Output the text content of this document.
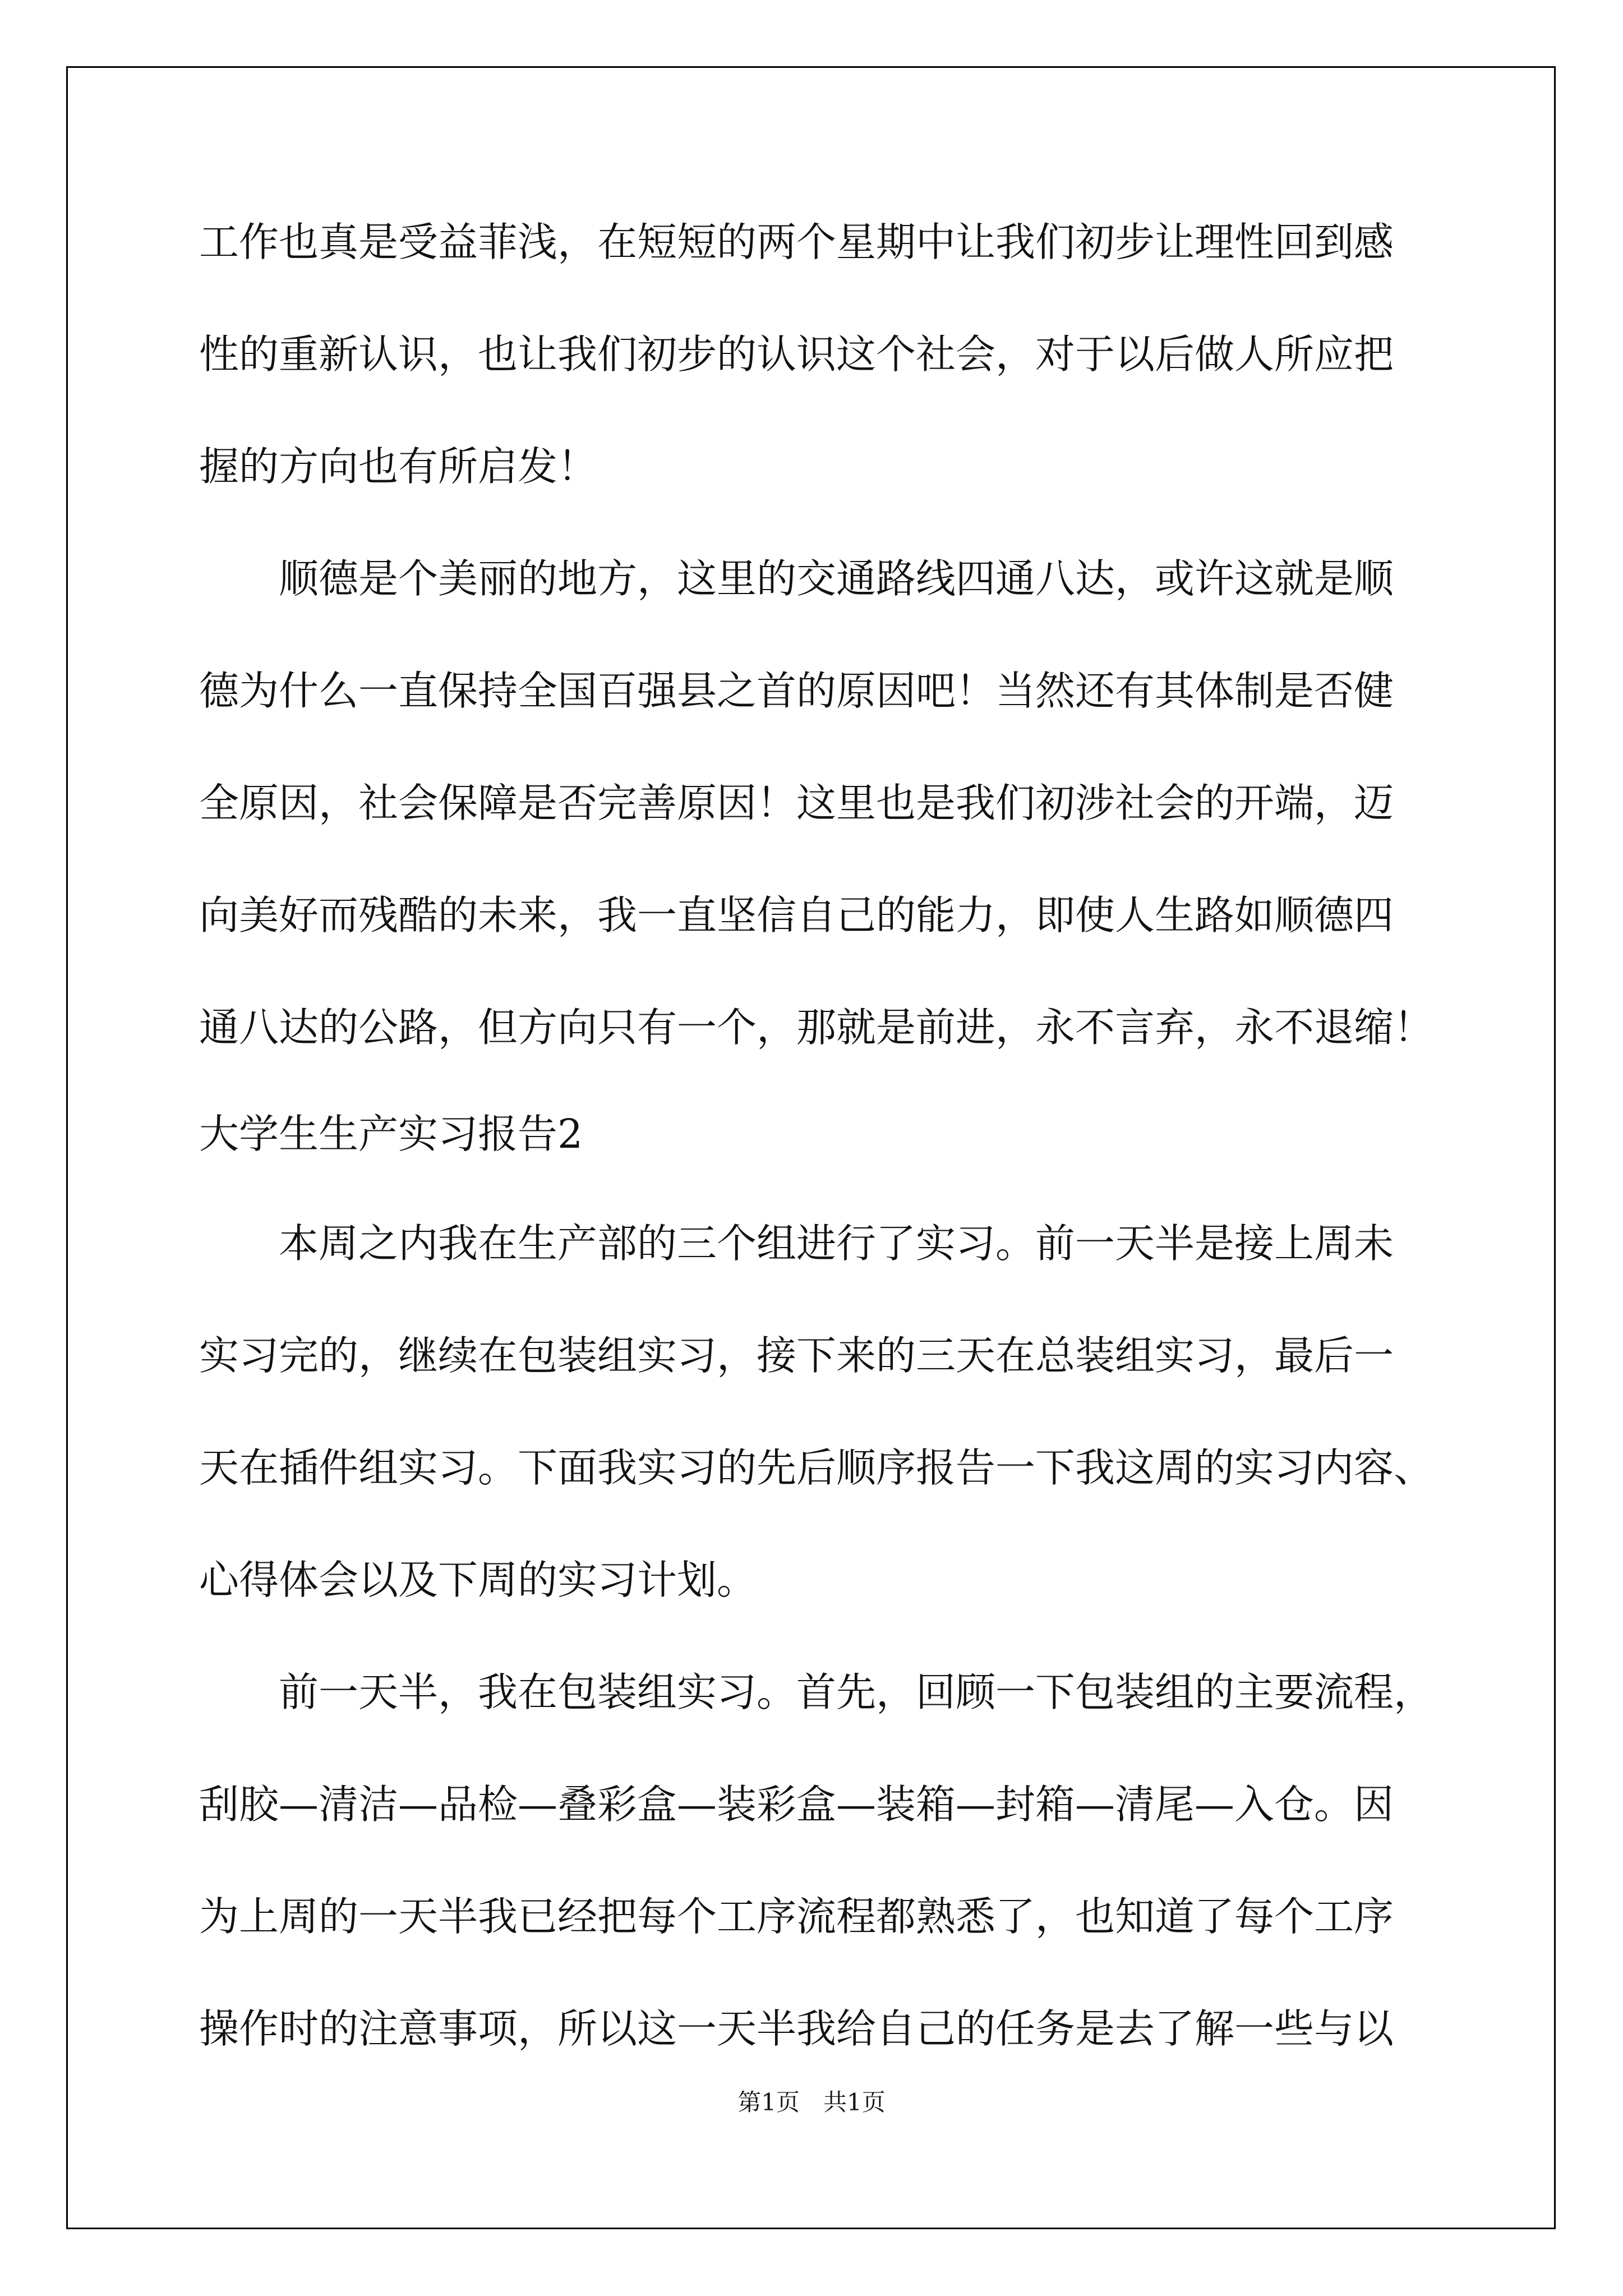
工作也真是受益菲浅，在短短的两个星期中让我们初步让理性回到感
性的重新认识，也让我们初步的认识这个社会，对于以后做人所应把
握的方向也有所启发！
　　顺德是个美丽的地方，这里的交通路线四通八达，或许这就是顺
德为什么一直保持全国百强县之首的原因吧！当然还有其体制是否健
全原因，社会保障是否完善原因！这里也是我们初涉社会的开端，迈
向美好而残酷的未来，我一直坚信自己的能力，即使人生路如顺德四
通八达的公路，但方向只有一个，那就是前进，永不言弃，永不退缩！
大学生生产实习报告2
　　本周之内我在生产部的三个组进行了实习。前一天半是接上周未
实习完的，继续在包装组实习，接下来的三天在总装组实习，最后一
天在插件组实习。下面我实习的先后顺序报告一下我这周的实习内容、
心得体会以及下周的实习计划。
　　前一天半，我在包装组实习。首先，回顾一下包装组的主要流程，
刮胶—清洁—品检—叠彩盒—装彩盒—装箱—封箱—清尾—入仓。因
为上周的一天半我已经把每个工序流程都熟悉了，也知道了每个工序
操作时的注意事项，所以这一天半我给自己的任务是去了解一些与以
第1页　共1页
